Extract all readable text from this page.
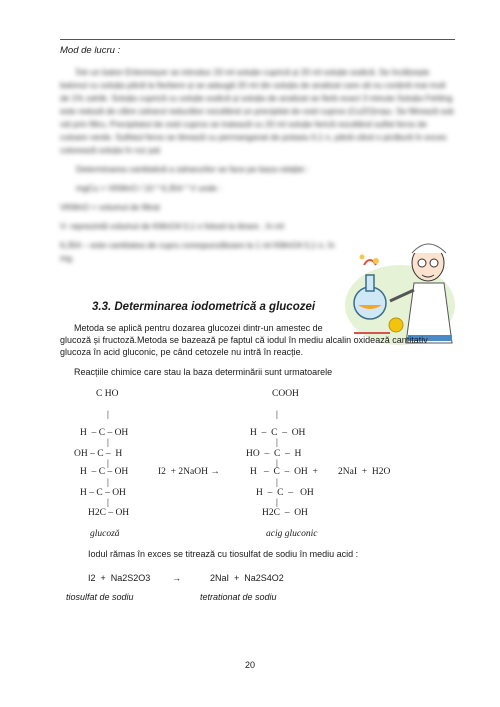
Mod de lucru :

Într-un balon Erlenmeyer se introduc 20 ml soluție cuprică și 20 ml soluție sodică. Se încălzește balonul cu soluția până la fierbere și se adaugă 20 ml din soluția de analizat care să nu conțină mai mult de 1% zahăr. Soluția cuprică cu soluție sodică și soluția de analizat se fierb exact 3 minute Soluția Fehling este redusă de către zaharul reducător rezultând un precipitat de oxid cupros (Cu2O)roșu. Se filtrează sub vid prin filtru, Precipitatul de oxid cupros se tratează cu 20 ml soluție ferică rezultând sulfat feros de culoare verde. Sulfatul feros se titrează cu permanganat de potasiu 0,1 n, până când o picătură în exces colorează soluția în roz pal.

Determinarea cantitativă a zaharurilor se face pe baza relației :

mgCu = VKMnO / 10 * 6,354 * V unde :

VKMnO = volumul de filtrat

V- reprezintă volumul de KMnO4 0,1 n folosit la titrare , în ml

6,354 – este cantitatea de cupru corespunzătoare la 1 ml KMnO4 0,1 n, în mg.

3.3. Determinarea iodometrică a glucozei
Metoda se aplică pentru dozarea glucozei dintr-un amestec de
glucoză și fructoză.Metoda se bazează pe faptul că iodul în mediu alcalin oxidează cantitativ
glucoza în acid gluconic, pe când cetozele nu intră în reacție.
Reacțiile chimice care stau la baza determinării sunt urmatoarele
C HO
|
H  – C – OH
|
OH – C –  H
|
H  – C – OH
|
H – C – OH
|
H2C – OH
I2  + 2NaOH →
COOH
|
H  –  C  –  OH
|
HO  –  C  –  H
|
H   –  C  –  OH  +
|
H  –  C  –   OH
|
H2C  –  OH
2NaI  +  H2O
glucoză	acig gluconic
Iodul rămas în exces se titrează cu tiosulfat de sodiu în mediu acid :
I2  +  Na2S2O3 →	2NaI  +  Na2S4O2
tiosulfat de sodiu	tetrationat de sodiu
20
